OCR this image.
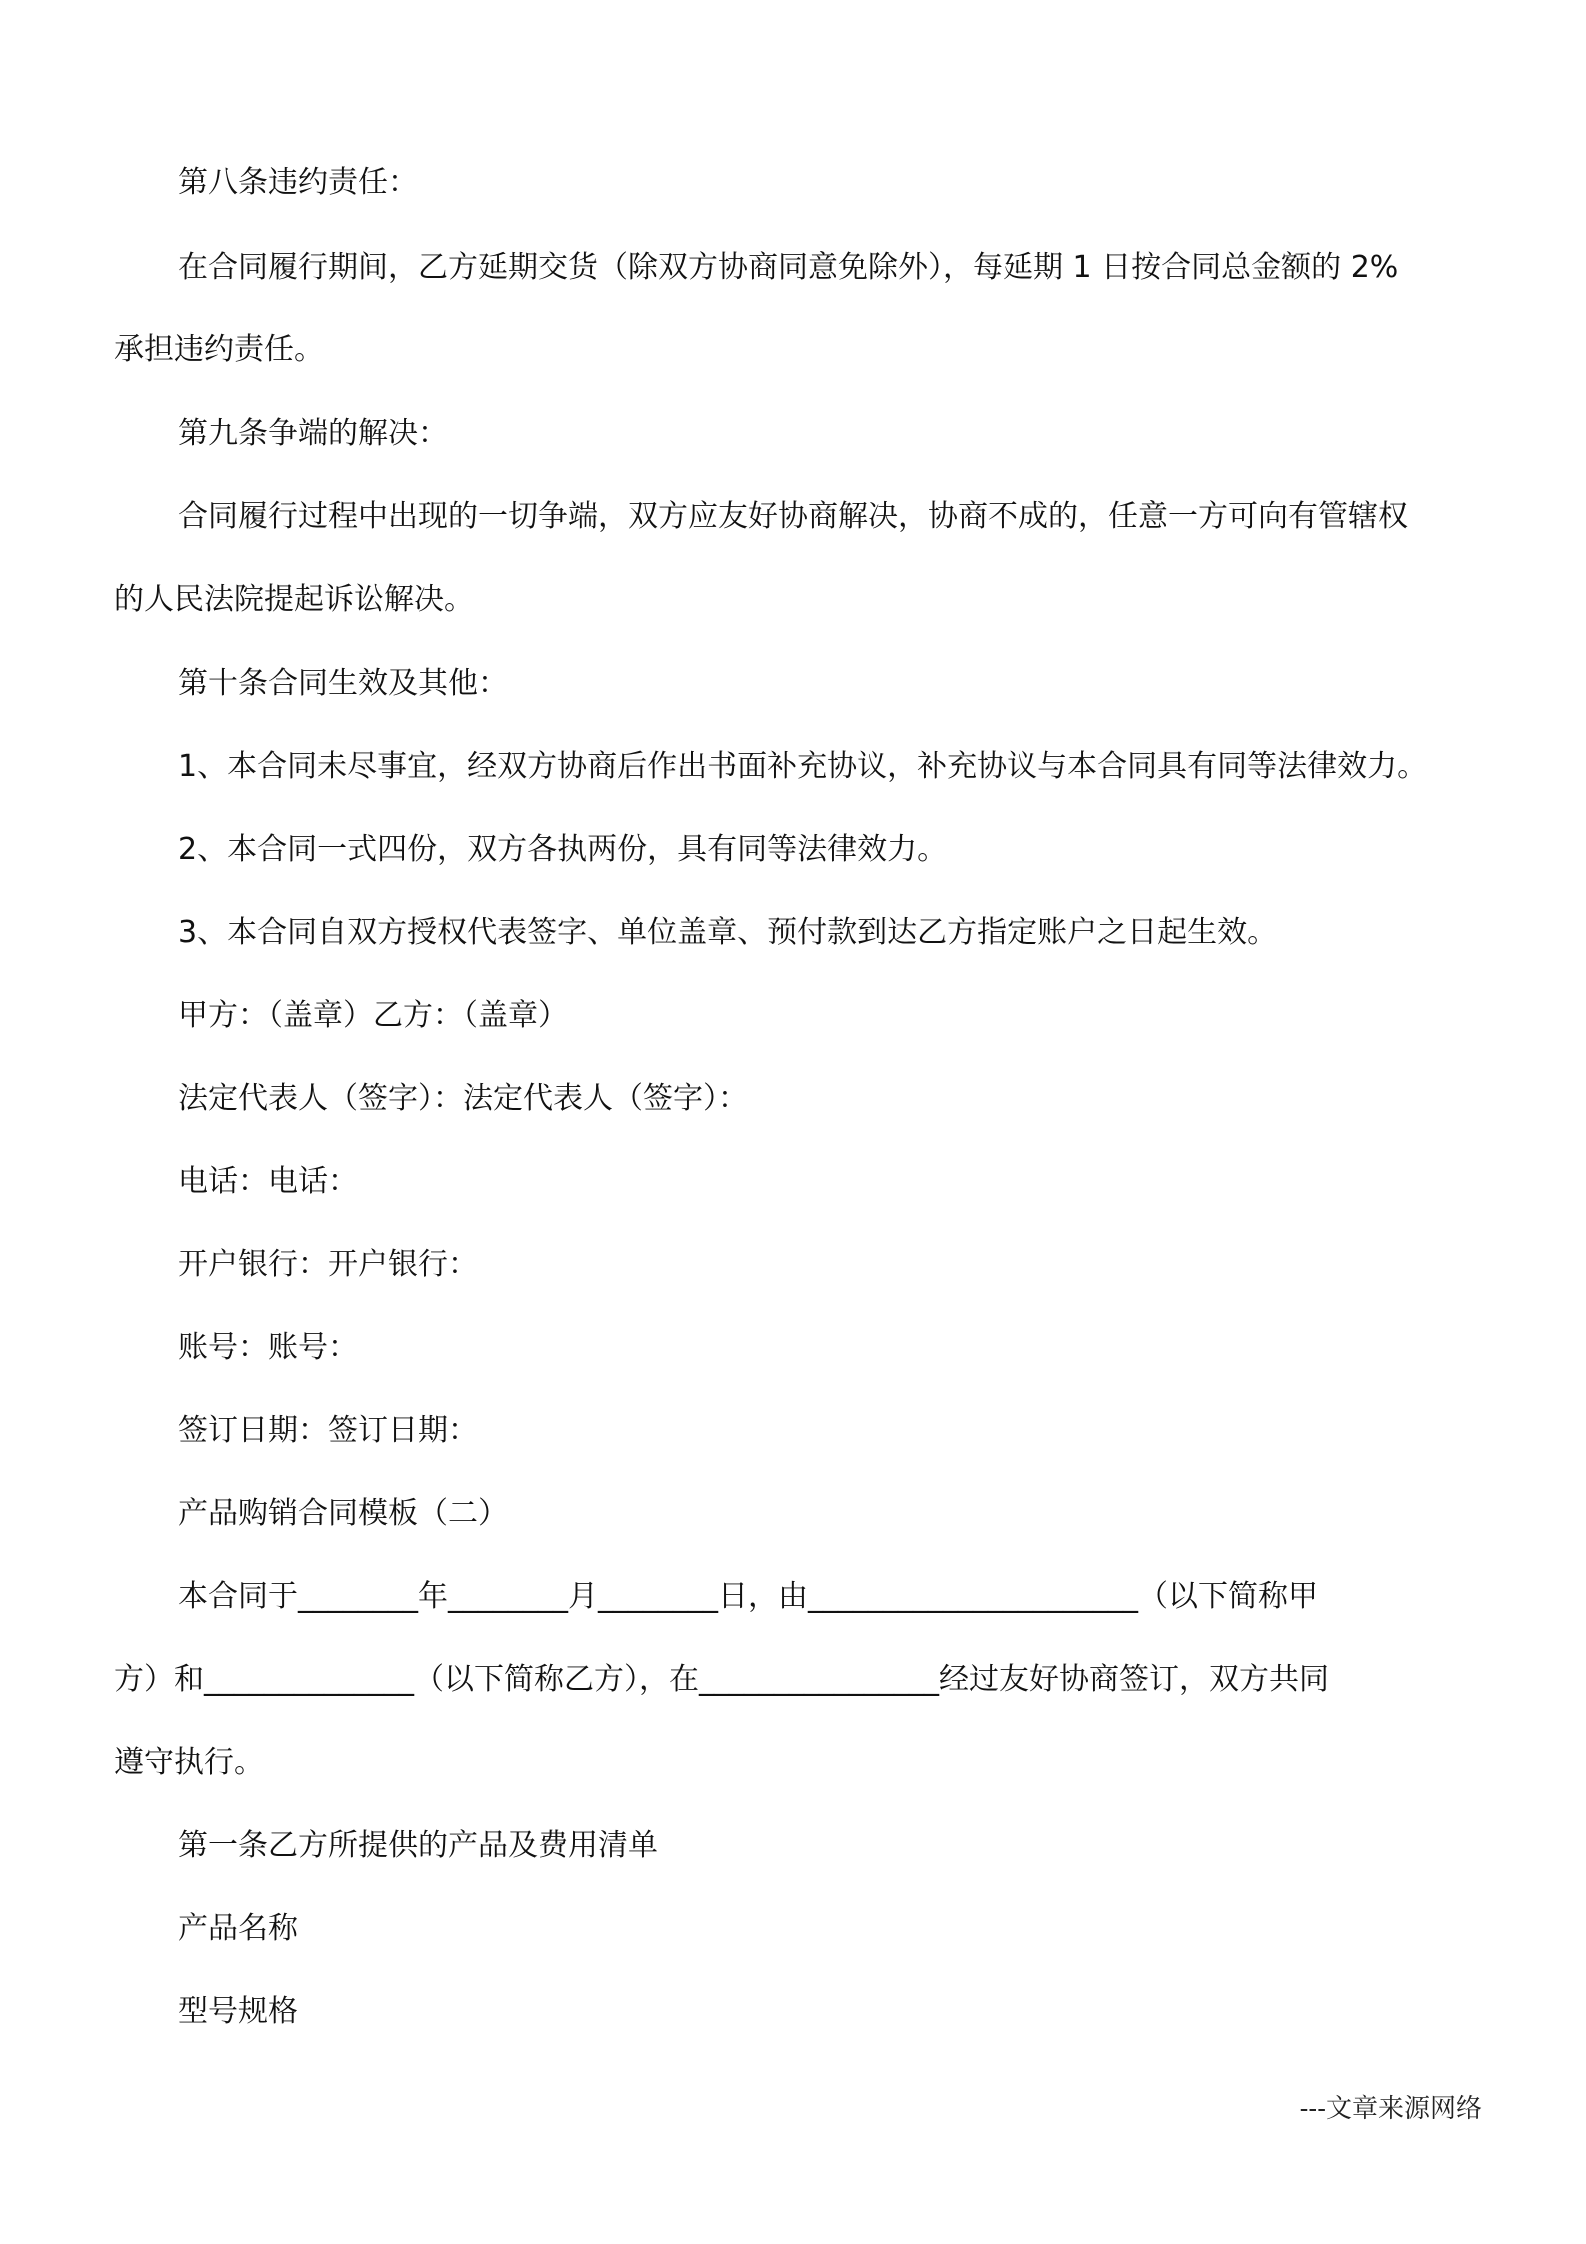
第八条违约责任：
在合同履行期间，乙方延期交货（除双方协商同意免除外），每延期 1 日按合同总金额的 2%
承担违约责任。
第九条争端的解决：
合同履行过程中出现的一切争端，双方应友好协商解决，协商不成的，任意一方可向有管辖权
的人民法院提起诉讼解决。
第十条合同生效及其他：
1、本合同未尽事宜，经双方协商后作出书面补充协议，补充协议与本合同具有同等法律效力。
2、本合同一式四份，双方各执两份，具有同等法律效力。
3、本合同自双方授权代表签字、单位盖章、预付款到达乙方指定账户之日起生效。
甲方：（盖章）乙方：（盖章）
法定代表人（签字）：法定代表人（签字）：
电话：电话：
开户银行：开户银行：
账号：账号：
签订日期：签订日期：
产品购销合同模板（二）
本合同于________年________月________日，由______________________（以下简称甲
方）和______________（以下简称乙方），在________________经过友好协商签订，双方共同
遵守执行。
第一条乙方所提供的产品及费用清单
产品名称
型号规格
---文章来源网络
